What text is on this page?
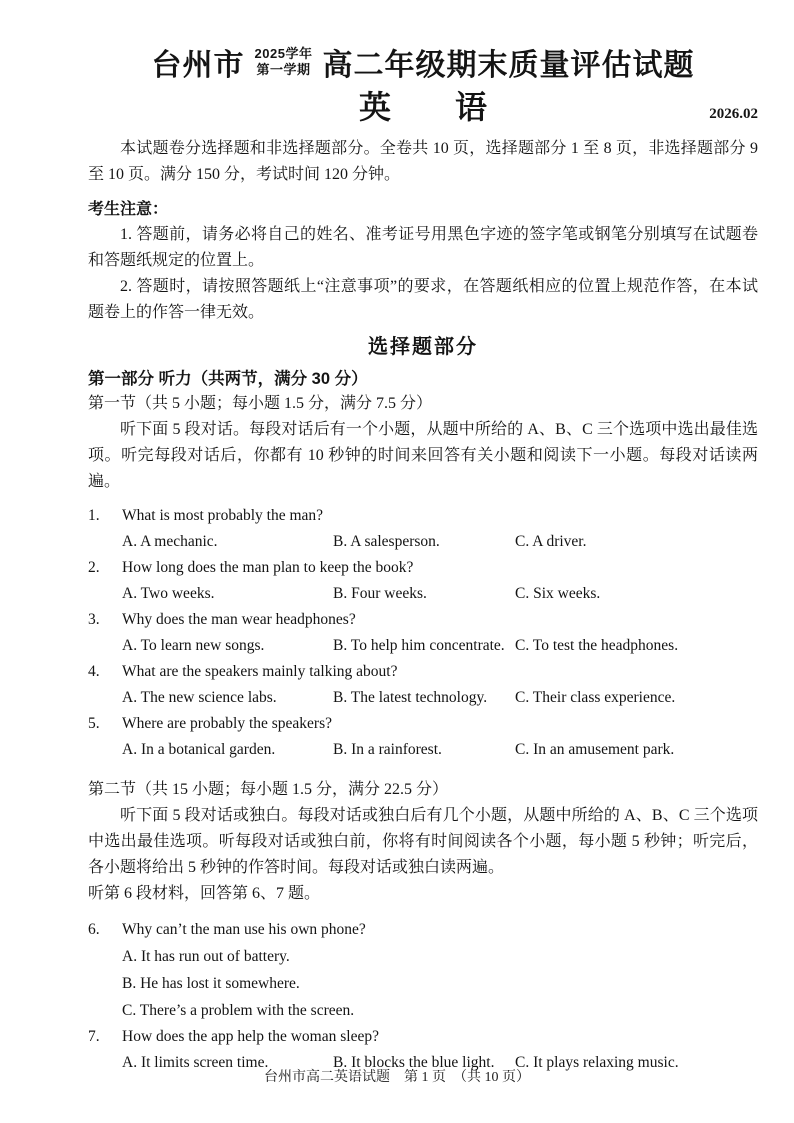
台州市 2025学年
第一学期 高二年级期末质量评估试题
英　　语	2026.02

本试题卷分选择题和非选择题部分。全卷共 10 页，选择题部分 1 至 8 页，非选择题部分 9 至 10 页。满分 150 分，考试时间 120 分钟。

考生注意：

1. 答题前，请务必将自己的姓名、准考证号用黑色字迹的签字笔或钢笔分别填写在试题卷和答题纸规定的位置上。

2. 答题时，请按照答题纸上“注意事项”的要求，在答题纸相应的位置上规范作答，在本试题卷上的作答一律无效。

选择题部分
第一部分 听力（共两节，满分 30 分）
第一节（共 5 小题；每小题 1.5 分，满分 7.5 分）

听下面 5 段对话。每段对话后有一个小题，从题中所给的 A、B、C 三个选项中选出最佳选项。听完每段对话后，你都有 10 秒钟的时间来回答有关小题和阅读下一小题。每段对话读两遍。

1.	What is most probably the man?
A. A mechanic.	B. A salesperson.	C. A driver.
2.	How long does the man plan to keep the book?
A. Two weeks.	B. Four weeks.	C. Six weeks.
3.	Why does the man wear headphones?
A. To learn new songs.	B. To help him concentrate. C. To test the headphones.
4.	What are the speakers mainly talking about?
A. The new science labs.	B. The latest technology.	C. Their class experience.
5.	Where are probably the speakers?
A. In a botanical garden.	B. In a rainforest.	C. In an amusement park.
第二节（共 15 小题；每小题 1.5 分，满分 22.5 分）

听下面 5 段对话或独白。每段对话或独白后有几个小题，从题中所给的 A、B、C 三个选项中选出最佳选项。听每段对话或独白前，你将有时间阅读各个小题，每小题 5 秒钟；听完后，各小题将给出 5 秒钟的作答时间。每段对话或独白读两遍。

听第 6 段材料，回答第 6、7 题。
6.	Why can’t the man use his own phone?
A. It has run out of battery.
B. He has lost it somewhere.
C. There’s a problem with the screen.
7.	How does the app help the woman sleep?
A. It limits screen time.	B. It blocks the blue light.	C. It plays relaxing music.
台州市高二英语试题　第 1 页　（共 10 页）
